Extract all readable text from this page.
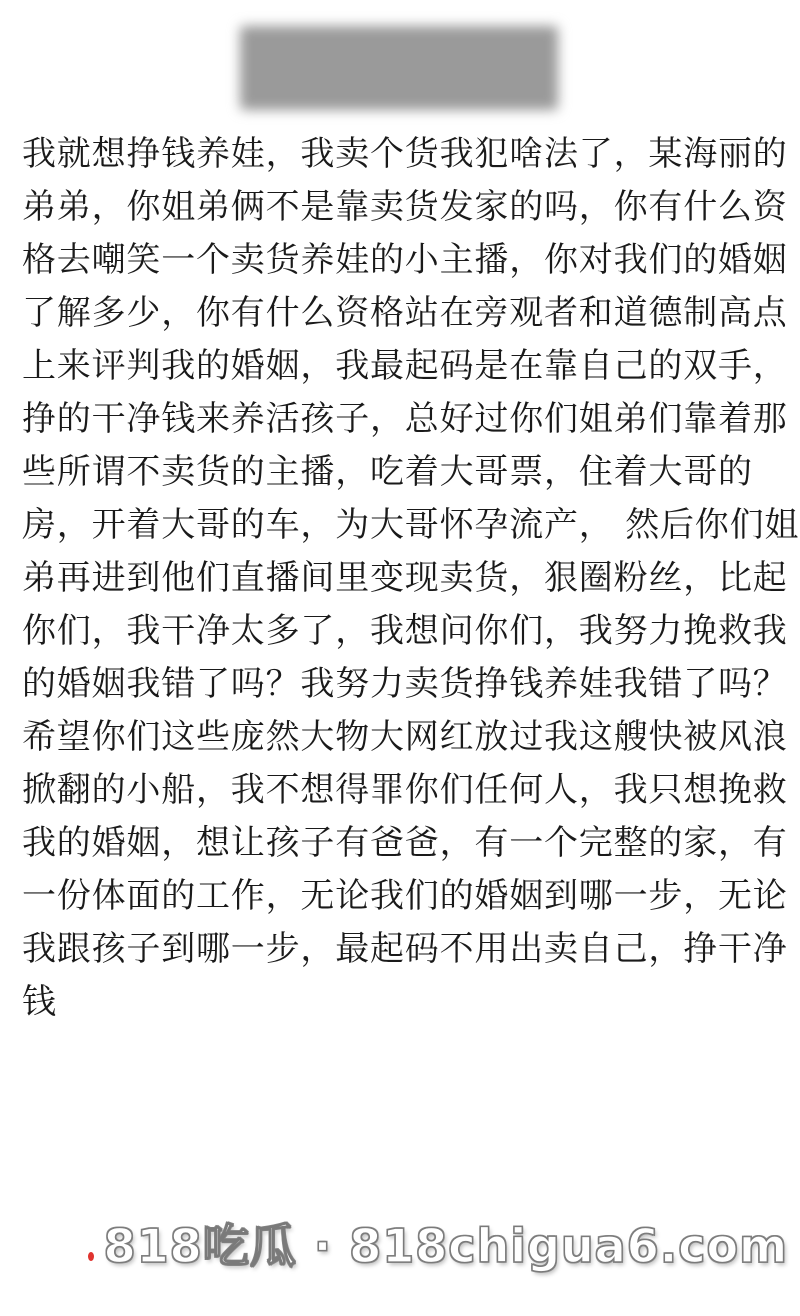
我就想挣钱养娃，我卖个货我犯啥法了，某海丽的
弟弟，你姐弟俩不是靠卖货发家的吗，你有什么资
格去嘲笑一个卖货养娃的小主播，你对我们的婚姻
了解多少，你有什么资格站在旁观者和道德制高点
上来评判我的婚姻，我最起码是在靠自己的双手，
挣的干净钱来养活孩子，总好过你们姐弟们靠着那
些所谓不卖货的主播，吃着大哥票，住着大哥的
房，开着大哥的车，为大哥怀孕流产， 然后你们姐
弟再进到他们直播间里变现卖货，狠圈粉丝，比起
你们，我干净太多了，我想问你们，我努力挽救我
的婚姻我错了吗？我努力卖货挣钱养娃我错了吗？
希望你们这些庞然大物大网红放过我这艘快被风浪
掀翻的小船，我不想得罪你们任何人，我只想挽救
我的婚姻，想让孩子有爸爸，有一个完整的家，有
一份体面的工作，无论我们的婚姻到哪一步，无论
我跟孩子到哪一步，最起码不用出卖自己，挣干净
钱
818吃瓜 · 818chigua6.com
